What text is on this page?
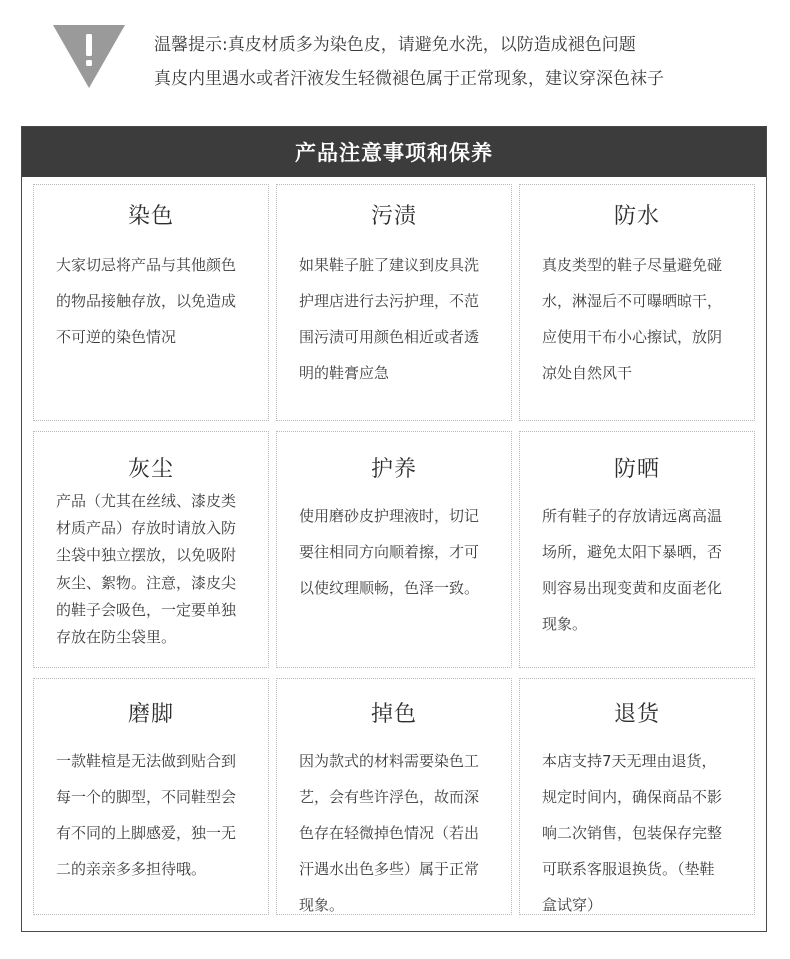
温馨提示:真皮材质多为染色皮，请避免水洗，以防造成褪色问题
真皮内里遇水或者汗液发生轻微褪色属于正常现象，建议穿深色袜子
产品注意事项和保养
染色
大家切忌将产品与其他颜色
的物品接触存放，以免造成
不可逆的染色情况
污渍
如果鞋子脏了建议到皮具洗
护理店进行去污护理，不范
围污渍可用颜色相近或者透
明的鞋膏应急
防水
真皮类型的鞋子尽量避免碰
水，淋湿后不可曝晒晾干，
应使用干布小心擦试，放阴
凉处自然风干
灰尘
产品（尤其在丝绒、漆皮类
材质产品）存放时请放入防
尘袋中独立摆放，以免吸附
灰尘、絮物。注意，漆皮尖
的鞋子会吸色，一定要单独
存放在防尘袋里。
护养
使用磨砂皮护理液时，切记
要往相同方向顺着擦，才可
以使纹理顺畅，色泽一致。
防晒
所有鞋子的存放请远离高温
场所，避免太阳下暴晒，否
则容易出现变黄和皮面老化
现象。
磨脚
一款鞋楦是无法做到贴合到
每一个的脚型，不同鞋型会
有不同的上脚感爱，独一无
二的亲亲多多担待哦。
掉色
因为款式的材料需要染色工
艺，会有些许浮色，故而深
色存在轻微掉色情况（若出
汗遇水出色多些）属于正常
现象。
退货
本店支持7天无理由退货，
规定时间内，确保商品不影
响二次销售，包装保存完整
可联系客服退换货。（垫鞋
盒试穿）
